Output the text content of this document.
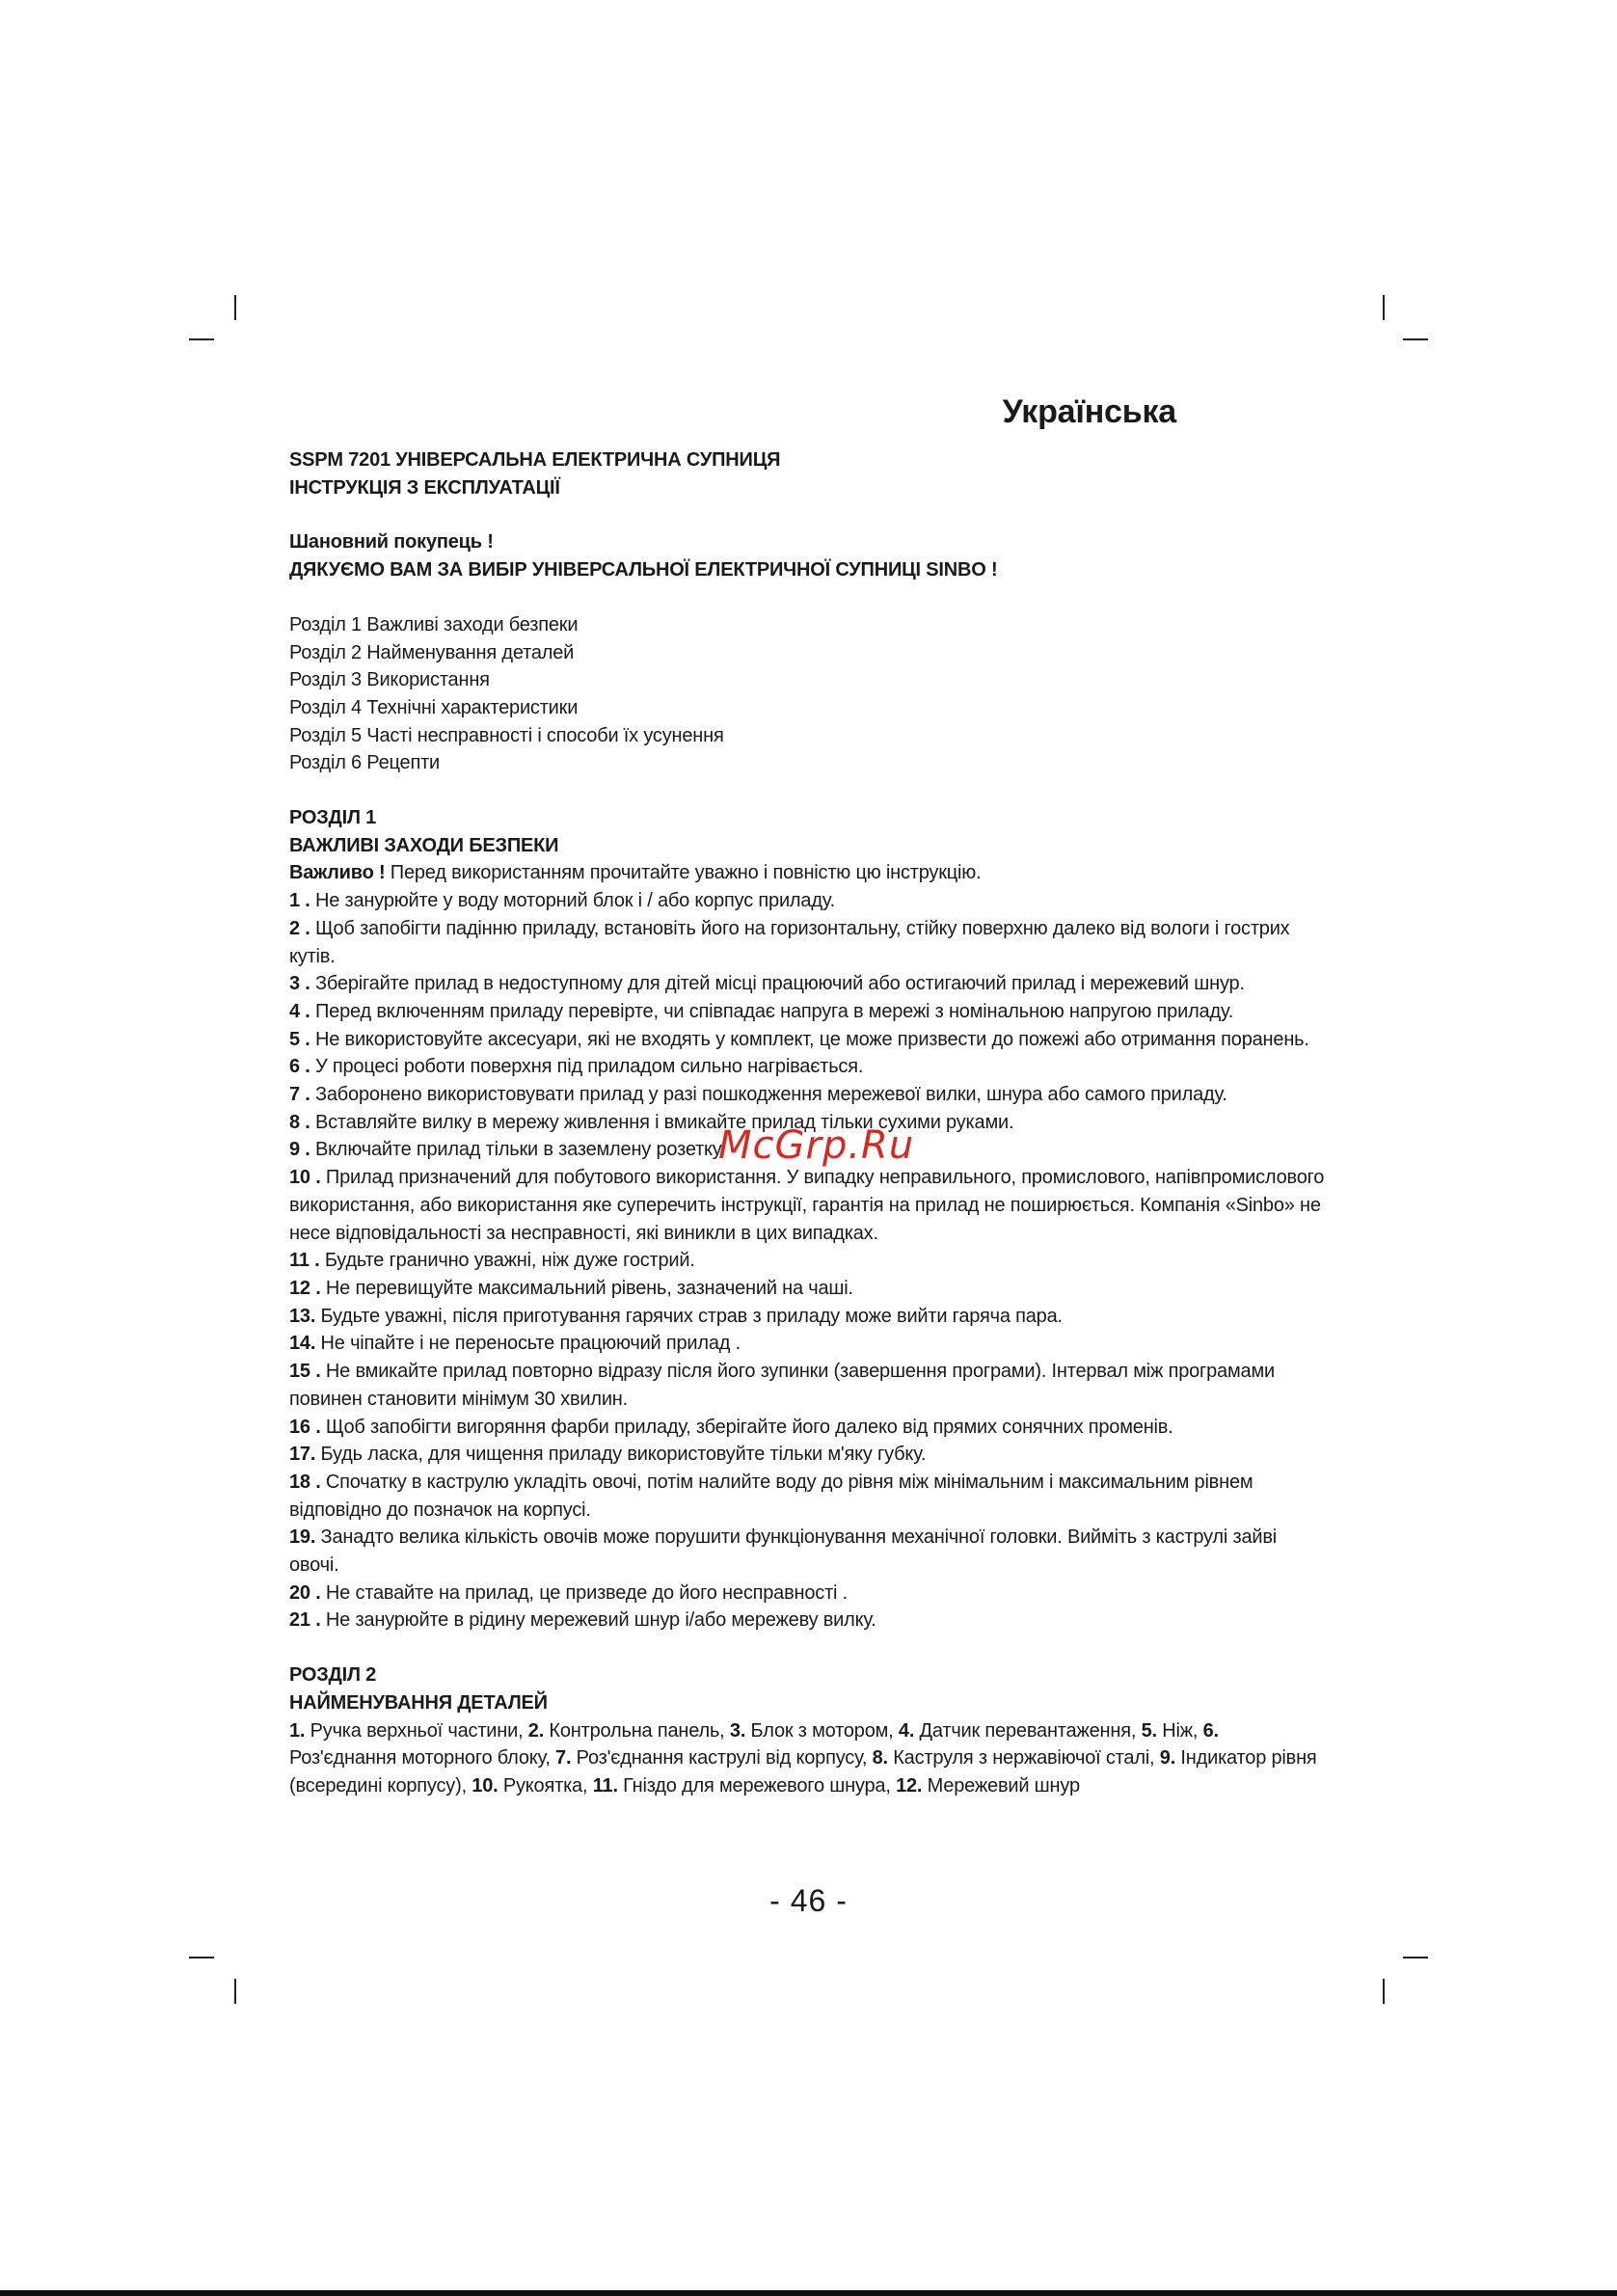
Українська
SSPM 7201 УНІВЕРСАЛЬНА ЕЛЕКТРИЧНА СУПНИЦЯ
ІНСТРУКЦІЯ З ЕКСПЛУАТАЦІЇ
Шановний покупець !
ДЯКУЄМО ВАМ ЗА ВИБІР УНІВЕРСАЛЬНОЇ ЕЛЕКТРИЧНОЇ СУПНИЦІ SINBO !
Розділ 1 Важливі заходи безпеки
Розділ 2 Найменування деталей
Розділ 3 Використання
Розділ 4 Технічні характеристики
Розділ 5 Часті несправності і способи їх усунення
Розділ 6 Рецепти
РОЗДІЛ 1
ВАЖЛИВІ ЗАХОДИ БЕЗПЕКИ
Важливо ! Перед використанням прочитайте уважно і повністю цю інструкцію.
1 . Не занурюйте у воду моторний блок і / або корпус приладу.
2 . Щоб запобігти падінню приладу, встановіть його на горизонтальну, стійку поверхню далеко від вологи і гострих кутів.
3 . Зберігайте прилад в недоступному для дітей місці працюючий або остигаючий прилад і мережевий шнур.
4 . Перед включенням приладу перевірте, чи співпадає напруга в мережі з номінальною напругою приладу.
5 . Не використовуйте аксесуари, які не входять у комплект, це може призвести до пожежі або отримання поранень.
6 . У процесі роботи поверхня під приладом сильно нагрівається.
7 . Заборонено використовувати прилад у разі пошкодження мережевої вилки, шнура або самого приладу.
8 . Вставляйте вилку в мережу живлення і вмикайте прилад тільки сухими руками.
9 . Включайте прилад тільки в заземлену розетку.
10 . Прилад призначений для побутового використання. У випадку неправильного, промислового, напівпромислового використання, або використання яке суперечить інструкції, гарантія на прилад не поширюється. Компанія «Sinbo» не несе відповідальності за несправності, які виникли в цих випадках.
11 . Будьте гранично уважні, ніж дуже гострий.
12 . Не перевищуйте максимальний рівень, зазначений на чаші.
13. Будьте уважні, після приготування гарячих страв з приладу може вийти гаряча пара.
14. Не чіпайте і не переносьте працюючий прилад .
15 . Не вмикайте прилад повторно відразу після його зупинки (завершення програми). Інтервал між програмами повинен становити мінімум 30 хвилин.
16 . Щоб запобігти вигоряння фарби приладу, зберігайте його далеко від прямих сонячних променів.
17. Будь ласка, для чищення приладу використовуйте тільки м'яку губку.
18 . Спочатку в каструлю укладіть овочі, потім налийте воду до рівня між мінімальним і максимальним рівнем відповідно до позначок на корпусі.
19. Занадто велика кількість овочів може порушити функціонування механічної головки. Вийміть з каструлі зайві овочі.
20 . Не ставайте на прилад, це призведе до його несправності .
21 . Не занурюйте в рідину мережевий шнур і/або мережеву вилку.
РОЗДІЛ 2
НАЙМЕНУВАННЯ ДЕТАЛЕЙ
1. Ручка верхньої частини, 2. Контрольна панель, 3. Блок з мотором, 4. Датчик перевантаження, 5. Ніж, 6. Роз'єднання моторного блоку, 7. Роз'єднання каструлі від корпусу, 8. Каструля з нержавіючої сталі, 9. Індикатор рівня (всередині корпусу), 10. Рукоятка, 11. Гніздо для мережевого шнура, 12. Мережевий шнур
McGrp.Ru
- 46 -
